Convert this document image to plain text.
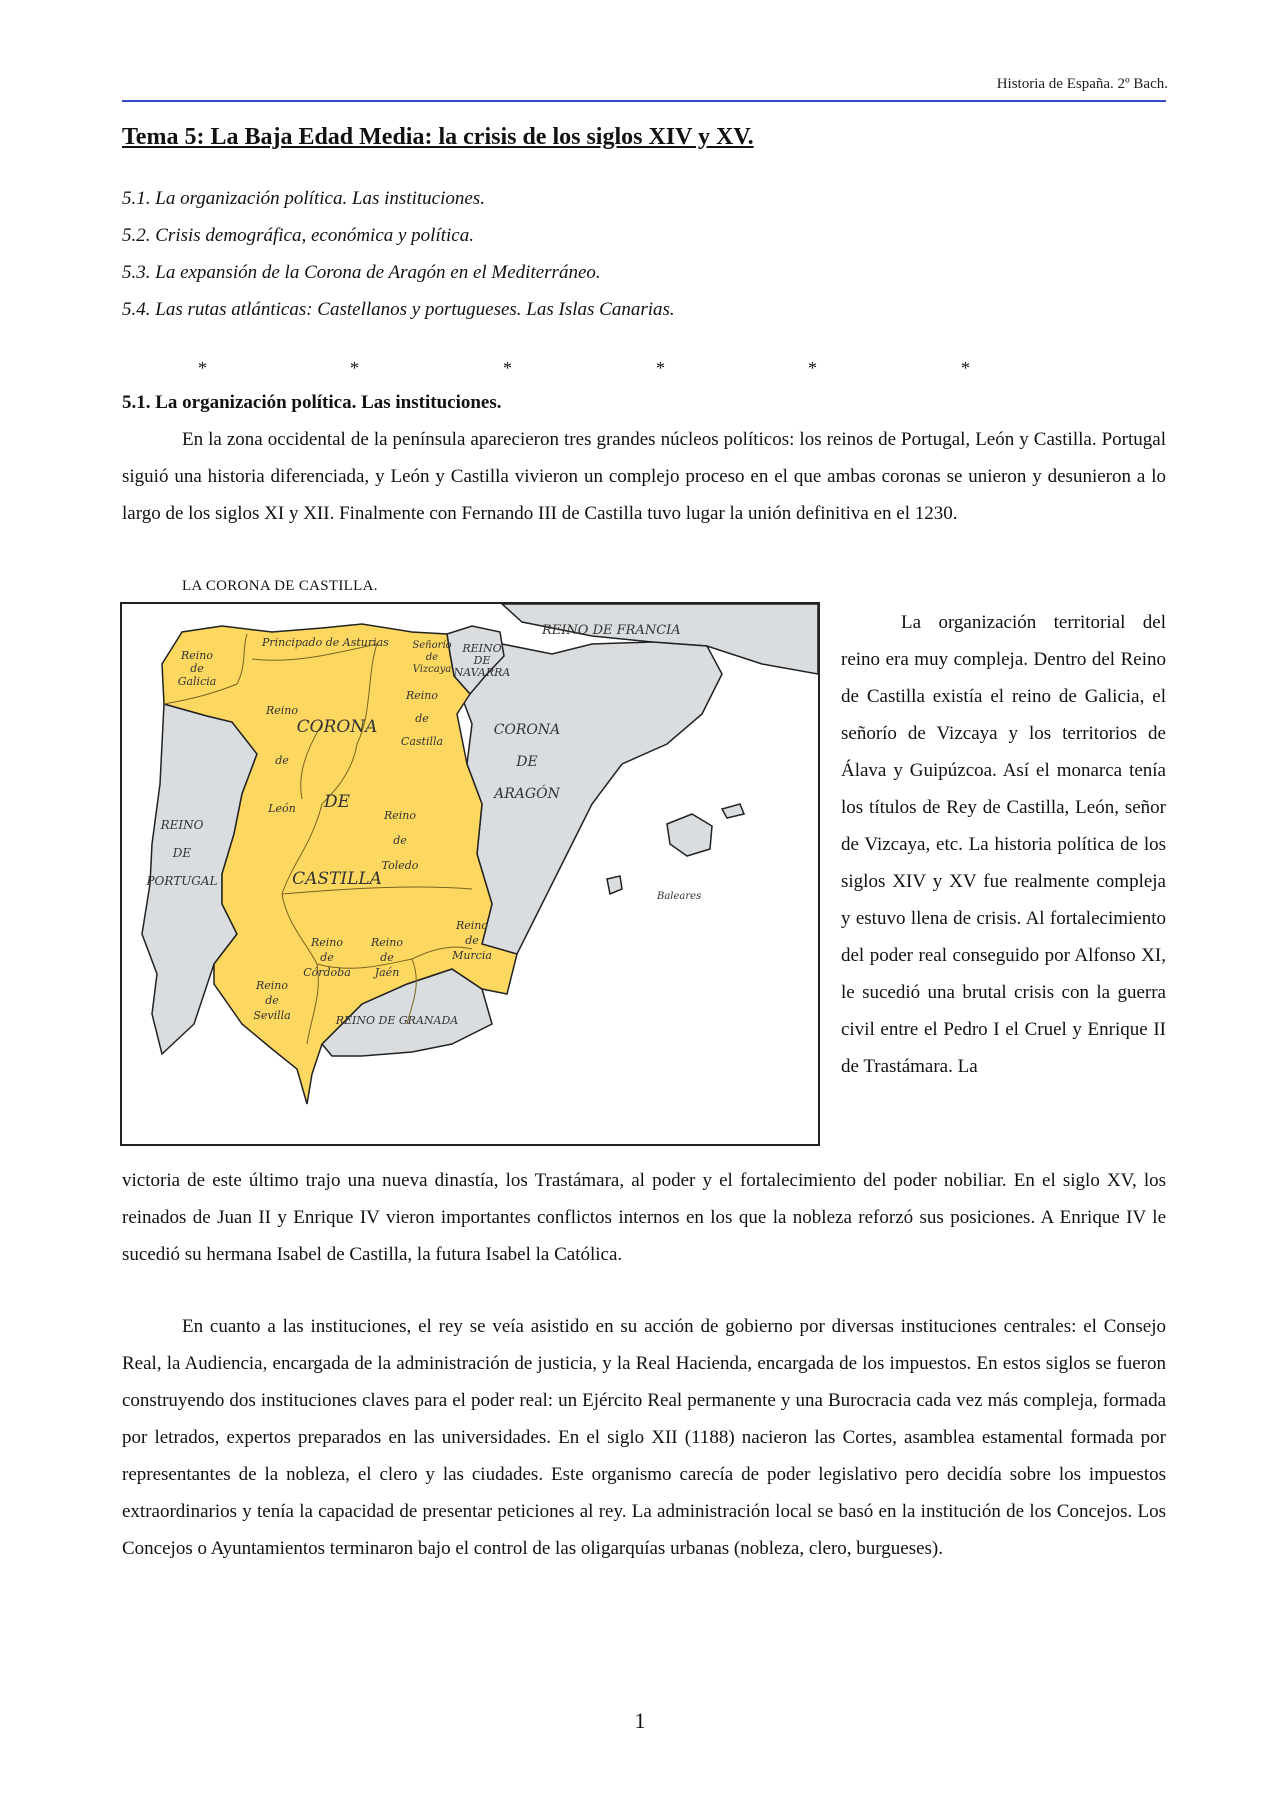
Historia de España. 2º Bach.
Tema 5: La Baja Edad Media: la crisis de los siglos XIV y XV.
5.1. La organización política. Las instituciones.
5.2. Crisis demográfica, económica y política.
5.3. La expansión de la Corona de Aragón en el Mediterráneo.
5.4. Las rutas atlánticas: Castellanos y portugueses. Las Islas Canarias.
*	*	*	*	*	*
5.1. La organización política. Las instituciones.

En la zona occidental de la península aparecieron tres grandes núcleos políticos: los reinos de Portugal, León y Castilla. Portugal siguió una historia diferenciada, y León y Castilla vivieron un complejo proceso en el que ambas coronas se unieron y desunieron a lo largo de los siglos XI y XII. Finalmente con Fernando III de Castilla tuvo lugar la unión definitiva en el 1230.

LA CORONA DE CASTILLA.
REINO DE FRANCIA
Principado de Asturias
Reino
de
Galicia
Señorío
de
Vizcaya
REINO
DE
NAVARRA
Reino
de
Castilla
Reino
de
León
CORONA
DE
CASTILLA
CORONA
DE
ARAGÓN
REINO
DE
PORTUGAL
Reino
de
Toledo
Baleares
Reino
de
Murcia
Reino
de
Córdoba
Reino
de
Jaén
Reino
de
Sevilla	REINO DE GRANADA

La organización territorial del reino era muy compleja. Dentro del Reino de Castilla existía el reino de Galicia, el señorío de Vizcaya y los territorios de Álava y Guipúzcoa. Así el monarca tenía los títulos de Rey de Castilla, León, señor de Vizcaya, etc. La historia política de los siglos XIV y XV fue realmente compleja y estuvo llena de crisis. Al fortalecimiento del poder real conseguido por Alfonso XI, le sucedió una brutal crisis con la guerra civil entre el Pedro I el Cruel y Enrique II de Trastámara. La

victoria de este último trajo una nueva dinastía, los Trastámara, al poder y el fortalecimiento del poder nobiliar. En el siglo XV, los reinados de Juan II y Enrique IV vieron importantes conflictos internos en los que la nobleza reforzó sus posiciones. A Enrique IV le sucedió su hermana Isabel de Castilla, la futura Isabel la Católica.

En cuanto a las instituciones, el rey se veía asistido en su acción de gobierno por diversas instituciones centrales: el Consejo Real, la Audiencia, encargada de la administración de justicia, y la Real Hacienda, encargada de los impuestos. En estos siglos se fueron construyendo dos instituciones claves para el poder real: un Ejército Real permanente y una Burocracia cada vez más compleja, formada por letrados, expertos preparados en las universidades. En el siglo XII (1188) nacieron las Cortes, asamblea estamental formada por representantes de la nobleza, el clero y las ciudades. Este organismo carecía de poder legislativo pero decidía sobre los impuestos extraordinarios y tenía la capacidad de presentar peticiones al rey. La administración local se basó en la institución de los Concejos. Los Concejos o Ayuntamientos terminaron bajo el control de las oligarquías urbanas (nobleza, clero, burgueses).

1
